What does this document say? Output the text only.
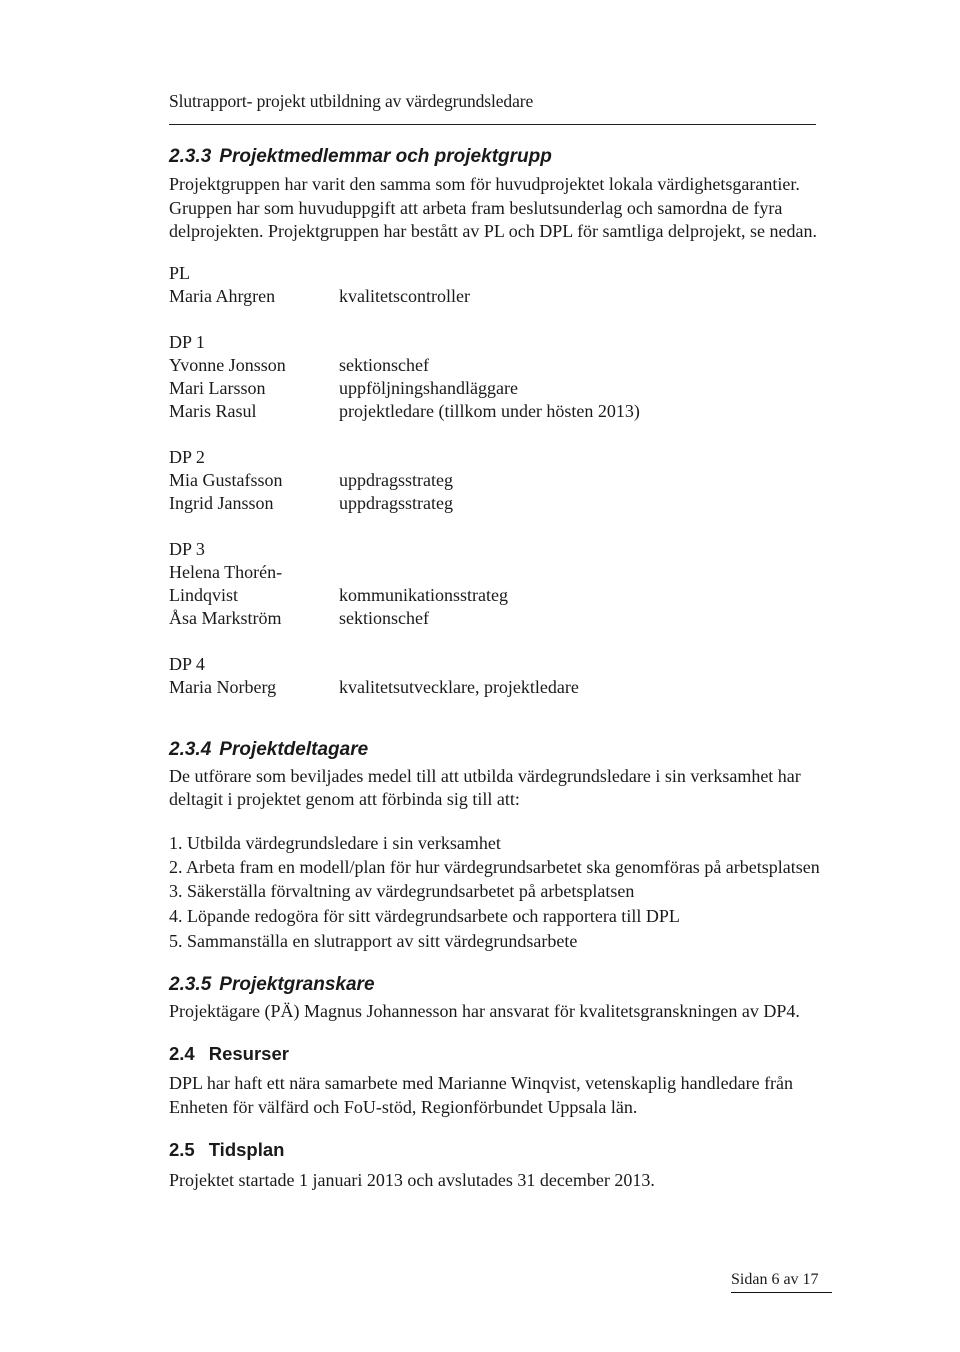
Slutrapport- projekt utbildning av värdegrundsledare
2.3.3 Projektmedlemmar och projektgrupp

Projektgruppen har varit den samma som för huvudprojektet lokala värdighetsgarantier. Gruppen har som huvuduppgift att arbeta fram beslutsunderlag och samordna de fyra delprojekten. Projektgruppen har bestått av PL och DPL för samtliga delprojekt, se nedan.

PL
Maria Ahrgren	kvalitetscontroller
DP 1
Yvonne Jonsson	sektionschef
Mari Larsson	uppföljningshandläggare
Maris Rasul	projektledare (tillkom under hösten 2013)
DP 2
Mia Gustafsson	uppdragsstrateg
Ingrid Jansson	uppdragsstrateg
DP 3
Helena Thorén-Lindqvist	kommunikationsstrateg
Åsa Markström	sektionschef
DP 4
Maria Norberg	kvalitetsutvecklare, projektledare
2.3.4 Projektdeltagare

De utförare som beviljades medel till att utbilda värdegrundsledare i sin verksamhet har deltagit i projektet genom att förbinda sig till att:

1. Utbilda värdegrundsledare i sin verksamhet
2. Arbeta fram en modell/plan för hur värdegrundsarbetet ska genomföras på arbetsplatsen
3. Säkerställa förvaltning av värdegrundsarbetet på arbetsplatsen
4. Löpande redogöra för sitt värdegrundsarbete och rapportera till DPL
5. Sammanställa en slutrapport av sitt värdegrundsarbete
2.3.5 Projektgranskare

Projektägare (PÄ) Magnus Johannesson har ansvarat för kvalitetsgranskningen av DP4.

2.4 Resurser

DPL har haft ett nära samarbete med Marianne Winqvist, vetenskaplig handledare från Enheten för välfärd och FoU-stöd, Regionförbundet Uppsala län.

2.5 Tidsplan

Projektet startade 1 januari 2013 och avslutades 31 december 2013.

Sidan 6 av 17
